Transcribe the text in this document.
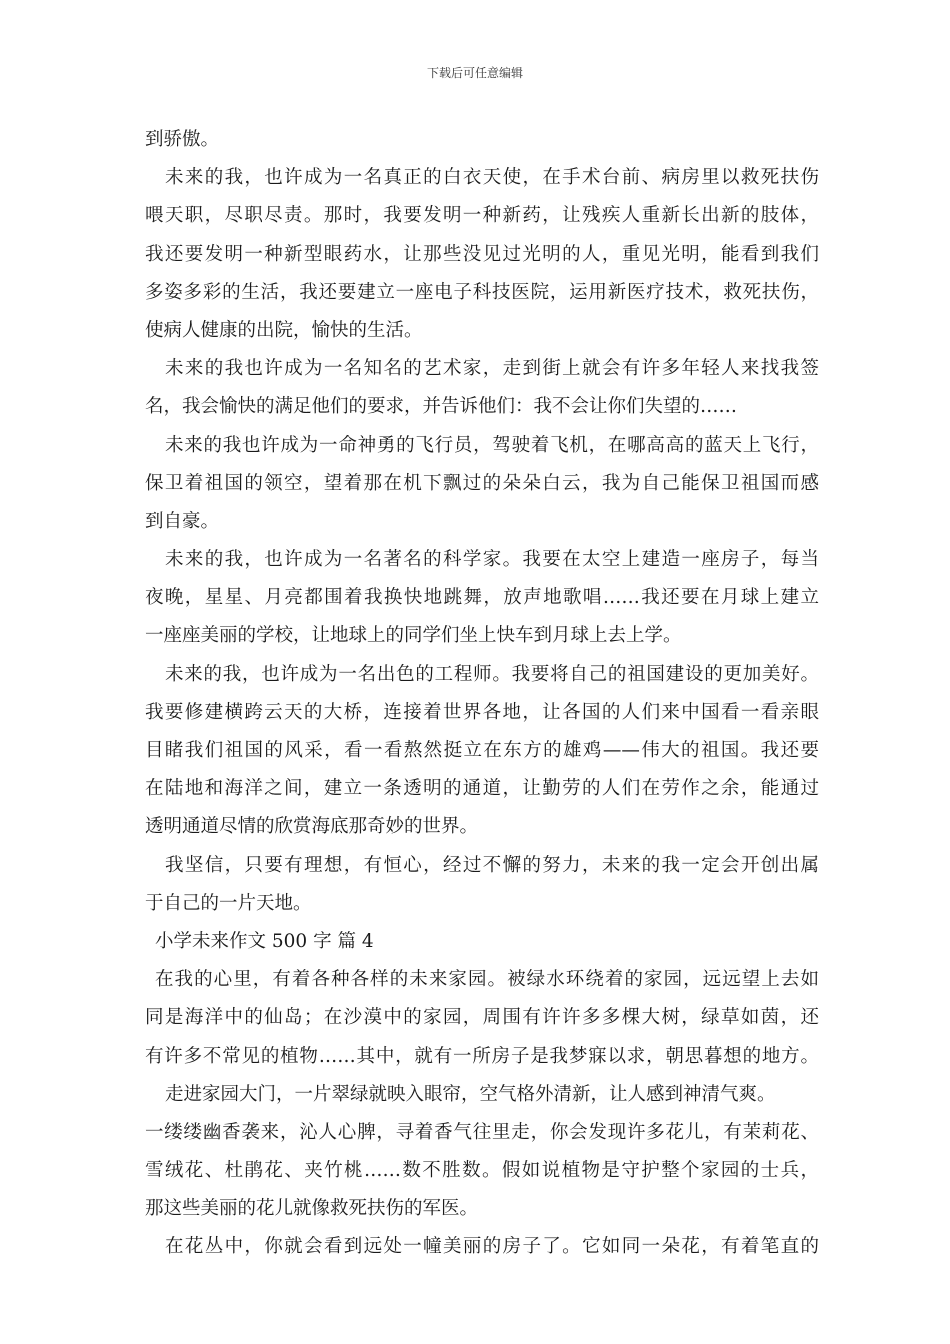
下载后可任意编辑
到骄傲。
未来的我，也许成为一名真正的白衣天使，在手术台前、病房里以救死扶伤
喂天职，尽职尽责。那时，我要发明一种新药，让残疾人重新长出新的肢体，
我还要发明一种新型眼药水，让那些没见过光明的人，重见光明，能看到我们
多姿多彩的生活，我还要建立一座电子科技医院，运用新医疗技术，救死扶伤，
使病人健康的出院，愉快的生活。
未来的我也许成为一名知名的艺术家，走到街上就会有许多年轻人来找我签
名，我会愉快的满足他们的要求，并告诉他们：我不会让你们失望的……
未来的我也许成为一命神勇的飞行员，驾驶着飞机，在哪高高的蓝天上飞行，
保卫着祖国的领空，望着那在机下飘过的朵朵白云，我为自己能保卫祖国而感
到自豪。
未来的我，也许成为一名著名的科学家。我要在太空上建造一座房子，每当
夜晚，星星、月亮都围着我换快地跳舞，放声地歌唱……我还要在月球上建立
一座座美丽的学校，让地球上的同学们坐上快车到月球上去上学。
未来的我，也许成为一名出色的工程师。我要将自己的祖国建设的更加美好。
我要修建横跨云天的大桥，连接着世界各地，让各国的人们来中国看一看亲眼
目睹我们祖国的风采，看一看熬然挺立在东方的雄鸡——伟大的祖国。我还要
在陆地和海洋之间，建立一条透明的通道，让勤劳的人们在劳作之余，能通过
透明通道尽情的欣赏海底那奇妙的世界。
我坚信，只要有理想，有恒心，经过不懈的努力，未来的我一定会开创出属
于自己的一片天地。
小学未来作文 500 字 篇 4
在我的心里，有着各种各样的未来家园。被绿水环绕着的家园，远远望上去如
同是海洋中的仙岛；在沙漠中的家园，周围有许许多多棵大树，绿草如茵，还
有许多不常见的植物……其中，就有一所房子是我梦寐以求，朝思暮想的地方。
走进家园大门，一片翠绿就映入眼帘，空气格外清新，让人感到神清气爽。
一缕缕幽香袭来，沁人心脾，寻着香气往里走，你会发现许多花儿，有茉莉花、
雪绒花、杜鹃花、夹竹桃……数不胜数。假如说植物是守护整个家园的士兵，
那这些美丽的花儿就像救死扶伤的军医。
在花丛中，你就会看到远处一幢美丽的房子了。它如同一朵花，有着笔直的
